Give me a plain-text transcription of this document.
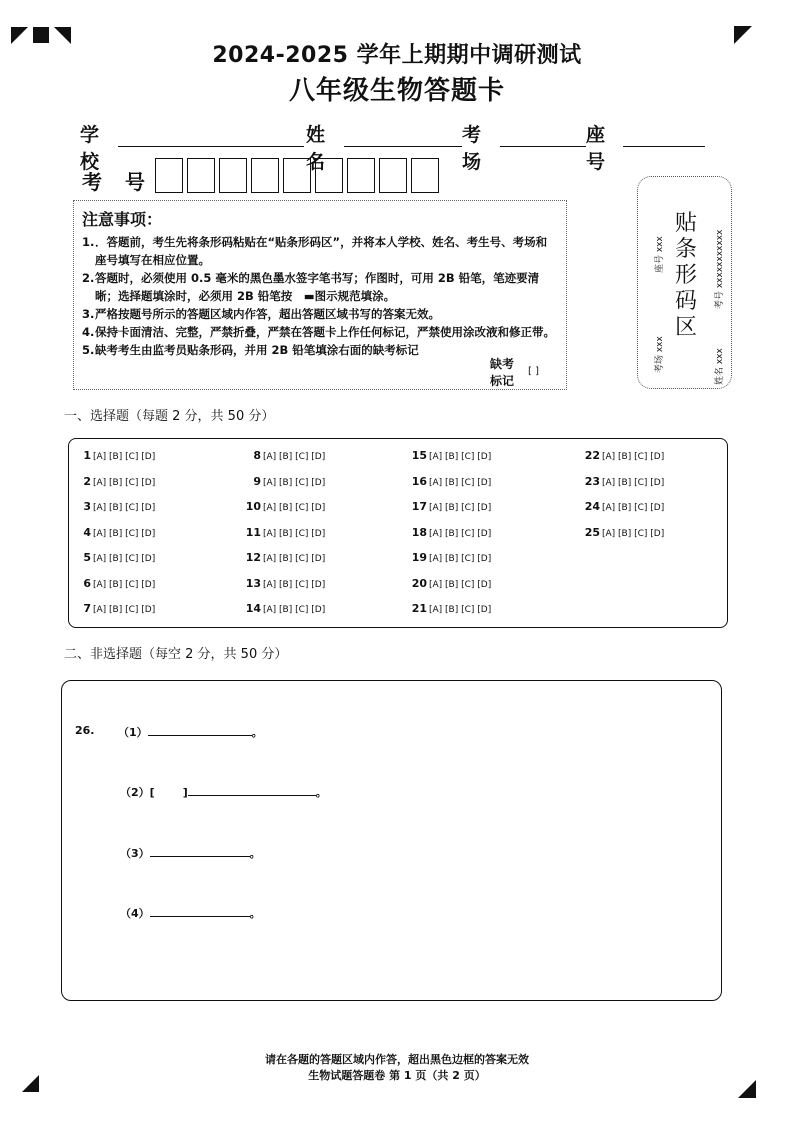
2024-2025 学年上期期中调研测试
八年级生物答题卡
学校
姓名
考场
座号
考 号
注意事项：
1. ．答题前，考生先将条形码粘贴在“贴条形码区”，并将本人学校、姓名、考生号、考场和座号填写在相应位置。
2. 答题时，必须使用 0.5 毫米的黑色墨水签字笔书写；作图时，可用 2B 铅笔，笔迹要清晰；选择题填涂时，必须用 2B 铅笔按　▬图示规范填涂。
3. 严格按题号所示的答题区域内作答，超出答题区域书写的答案无效。
4. 保持卡面清洁、完整，严禁折叠，严禁在答题卡上作任何标记，严禁使用涂改液和修正带。
5. 缺考考生由监考员贴条形码，并用 2B 铅笔填涂右面的缺考标记
缺考标记
[ ]
贴条形码区
考场 xxx
座号 xxx
姓名 xxx
考号 xxxxxxxxxxx
一、选择题（每题 2 分，共 50 分）
1 [A] [B] [C] [D]
2 [A] [B] [C] [D]
3 [A] [B] [C] [D]
4 [A] [B] [C] [D]
5 [A] [B] [C] [D]
6 [A] [B] [C] [D]
7 [A] [B] [C] [D]
8 [A] [B] [C] [D]
9 [A] [B] [C] [D]
10 [A] [B] [C] [D]
11 [A] [B] [C] [D]
12 [A] [B] [C] [D]
13 [A] [B] [C] [D]
14 [A] [B] [C] [D]
15 [A] [B] [C] [D]
16 [A] [B] [C] [D]
17 [A] [B] [C] [D]
18 [A] [B] [C] [D]
19 [A] [B] [C] [D]
20 [A] [B] [C] [D]
21 [A] [B] [C] [D]
22 [A] [B] [C] [D]
23 [A] [B] [C] [D]
24 [A] [B] [C] [D]
25 [A] [B] [C] [D]
二、非选择题（每空 2 分，共 50 分）
26. （1）	。
（2）[	]	。
（3）	。
（4）	。
请在各题的答题区域内作答，超出黑色边框的答案无效
生物试题答题卷 第 1 页（共 2 页）
